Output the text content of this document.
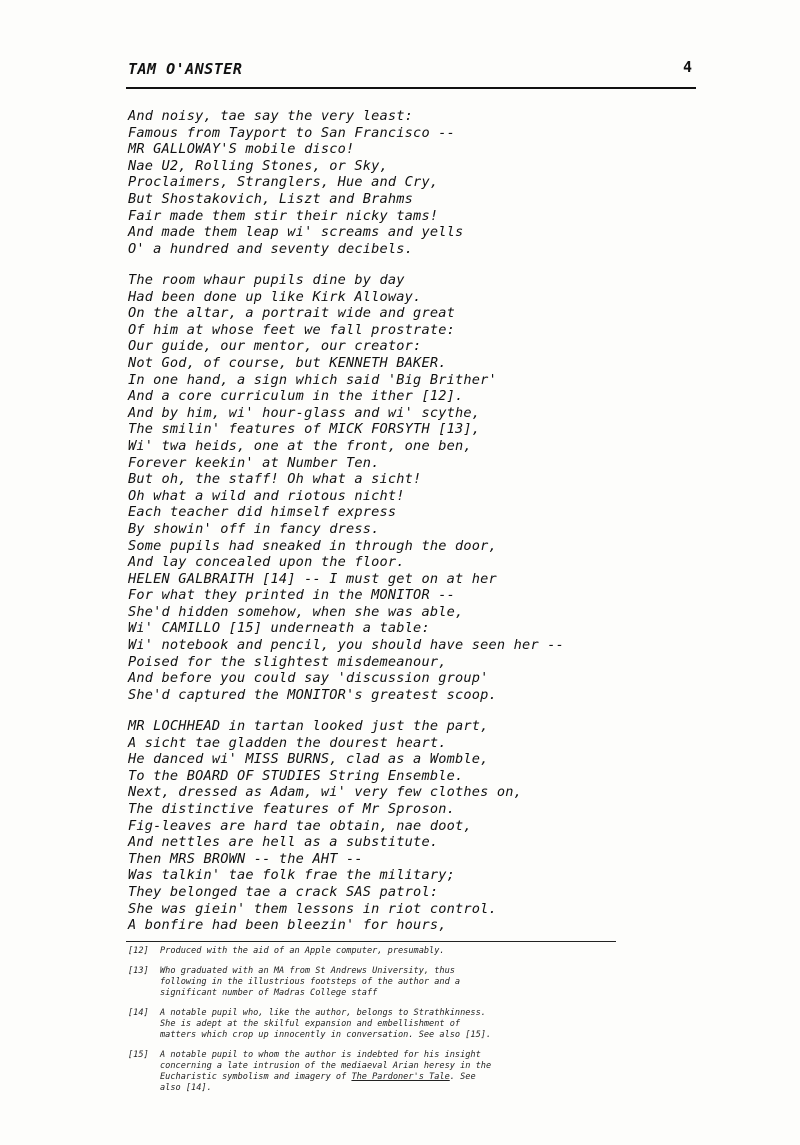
TAM O'ANSTER	4
And noisy, tae say the very least:
Famous from Tayport to San Francisco --
MR GALLOWAY'S mobile disco!
Nae U2, Rolling Stones, or Sky,
Proclaimers, Stranglers, Hue and Cry,
But Shostakovich, Liszt and Brahms
Fair made them stir their nicky tams!
And made them leap wi' screams and yells
O' a hundred and seventy decibels.
The room whaur pupils dine by day
Had been done up like Kirk Alloway.
On the altar, a portrait wide and great
Of him at whose feet we fall prostrate:
Our guide, our mentor, our creator:
Not God, of course, but KENNETH BAKER.
In one hand, a sign which said 'Big Brither'
And a core curriculum in the ither [12].
And by him, wi' hour-glass and wi' scythe,
The smilin' features of MICK FORSYTH [13],
Wi' twa heids, one at the front, one ben,
Forever keekin' at Number Ten.
But oh, the staff! Oh what a sicht!
Oh what a wild and riotous nicht!
Each teacher did himself express
By showin' off in fancy dress.
Some pupils had sneaked in through the door,
And lay concealed upon the floor.
HELEN GALBRAITH [14] -- I must get on at her
For what they printed in the MONITOR --
She'd hidden somehow, when she was able,
Wi' CAMILLO [15] underneath a table:
Wi' notebook and pencil, you should have seen her --
Poised for the slightest misdemeanour,
And before you could say 'discussion group'
She'd captured the MONITOR's greatest scoop.
MR LOCHHEAD in tartan looked just the part,
A sicht tae gladden the dourest heart.
He danced wi' MISS BURNS, clad as a Womble,
To the BOARD OF STUDIES String Ensemble.
Next, dressed as Adam, wi' very few clothes on,
The distinctive features of Mr Sproson.
Fig-leaves are hard tae obtain, nae doot,
And nettles are hell as a substitute.
Then MRS BROWN -- the AHT --
Was talkin' tae folk frae the military;
They belonged tae a crack SAS patrol:
She was giein' them lessons in riot control.
A bonfire had been bleezin' for hours,
[12] Produced with the aid of an Apple computer, presumably.
[13] Who graduated with an MA from St Andrews University, thus
following in the illustrious footsteps of the author and a
significant number of Madras College staff
[14] A notable pupil who, like the author, belongs to Strathkinness.
She is adept at the skilful expansion and embellishment of
matters which crop up innocently in conversation. See also [15].
[15] A notable pupil to whom the author is indebted for his insight
concerning a late intrusion of the mediaeval Arian heresy in the
Eucharistic symbolism and imagery of The Pardoner's Tale. See
also [14].
